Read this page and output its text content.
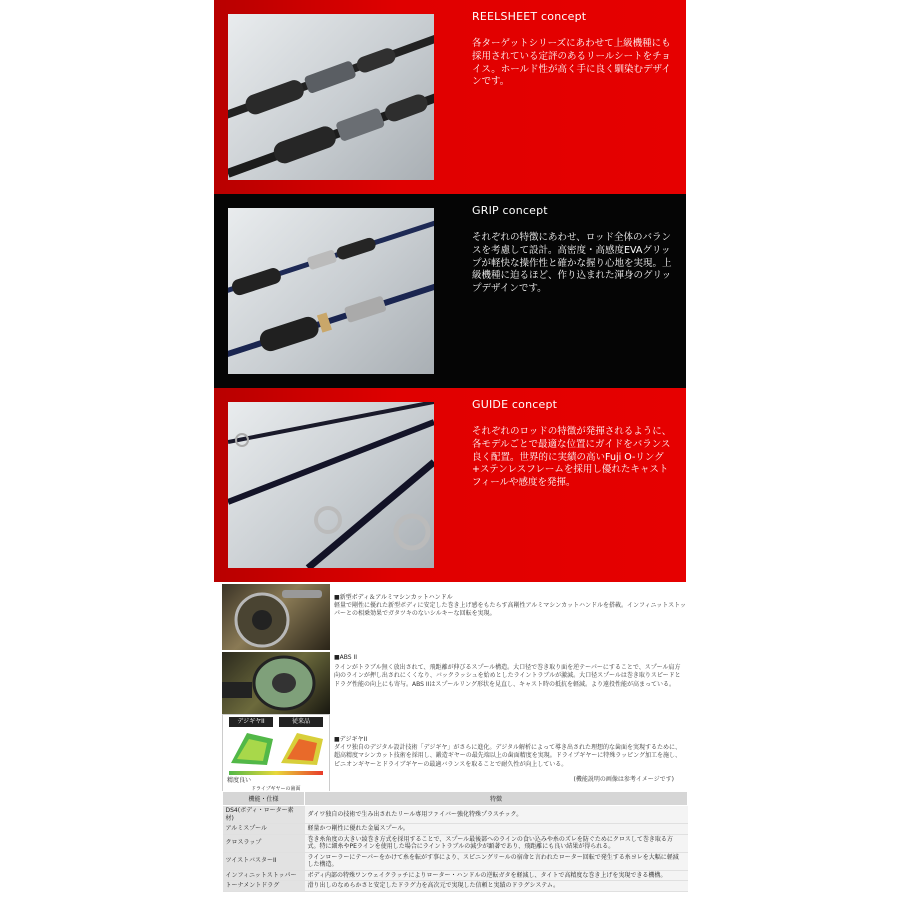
REELSHEET concept
各ターゲットシリーズにあわせて上級機種にも採用されている定評のあるリールシートをチョイス。ホールド性が高く手に良く馴染むデザインです。
GRIP concept
それぞれの特徴にあわせ、ロッド全体のバランスを考慮して設計。高密度・高感度EVAグリップが軽快な操作性と確かな握り心地を実現。上級機種に迫るほど、作り込まれた渾身のグリップデザインです。
GUIDE concept
それぞれのロッドの特徴が発揮されるように、各モデルごとで最適な位置にガイドをバランス良く配置。世界的に実績の高いFuji O-リング+ステンレスフレームを採用し優れたキャストフィールや感度を発揮。
■新型ボディ＆アルミマシンカットハンドル
軽量で剛性に優れた新型ボディに安定した巻き上げ感をもたらす高剛性アルミマシンカットハンドルを搭載。インフィニットストッパーとの相乗効果でガタツキのないシルキーな回転を実現。
■ABS II
ラインがトラブル無く放出されて、飛距離が伸びるスプール構造。大口径で巻き取り面を逆テーパーにすることで、スプール肩方向のラインが押し出されにくくなり、バックラッシュを始めとしたライントラブルが激減。大口径スプールは巻き取りスピードとドラグ性能の向上にも寄与。ABS IIはスプールリング形状を見直し、キャスト時の抵抗を軽減。より遠投性能が高まっている。
デジギヤII	従来品
精度良い
ドライブギヤーの歯面
■デジギヤII
ダイワ独自のデジタル設計技術「デジギヤ」がさらに進化。デジタル解析によって導き出された理想的な歯面を実現するために、超高精度マシンカット技術を採用し、鍛造ギヤーの最先端以上の歯面精度を実現。ドライブギヤーに特殊ラッピング加工を施し、ピニオンギヤーとドライブギヤーの最適バランスを取ることで耐久性が向上している。
(機能説明の画像は参考イメージです)
機能・仕様	特徴
DS4(ボディ・ローター素材)	ダイワ独自の技術で生み出されたリール専用ファイバー強化特殊プラスチック。
アルミスプール	軽量かつ剛性に優れた金属スプール。
クロスラップ	巻き糸角度の大きい綾巻き方式を採用することで、スプール最後部へのラインの食い込みや糸のズレを防ぐためにクロスして巻き取る方式。特に細糸やPEラインを使用した場合にライントラブルの減少が顕著であり、飛距離にも良い結果が得られる。
ツイストバスターII	ラインローラーにテーパーをかけて糸を転がす事により、スピニングリールの宿命と言われたローター回転で発生する糸ヨレを大幅に軽減した構造。
インフィニットストッパー	ボディ内部の特殊ワンウェイクラッチによりローター・ハンドルの逆転ガタを軽減し、タイトで高精度な巻き上げを実現できる機構。
トーナメントドラグ	滑り出しのなめらかさと安定したドラグ力を高次元で実現した信頼と実績のドラグシステム。
